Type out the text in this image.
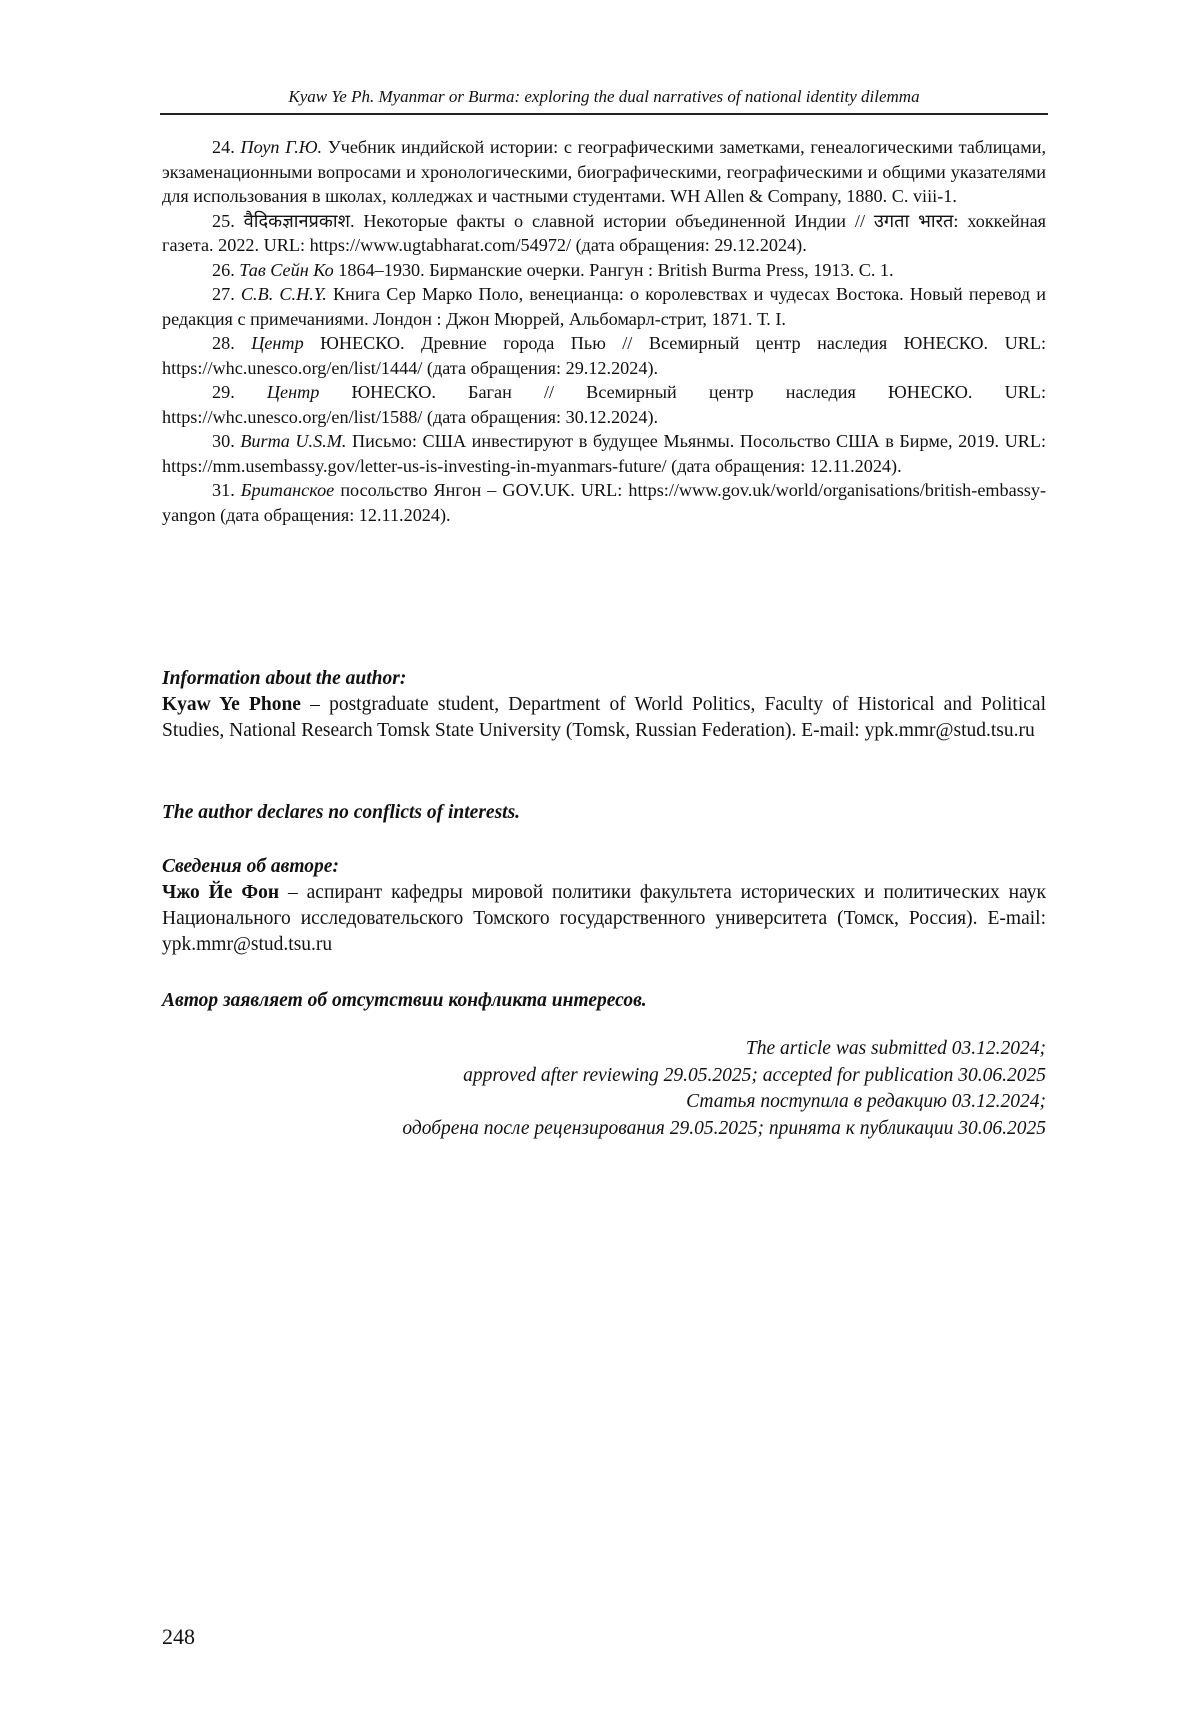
Kyaw Ye Ph. Myanmar or Burma: exploring the dual narratives of national identity dilemma

24. Поуп Г.Ю. Учебник индийской истории: с географическими заметками, генеалогическими таблицами, экзаменационными вопросами и хронологическими, биографическими, географическими и общими указателями для использования в школах, колледжах и частными студентами. WH Allen & Company, 1880. С. viii-1.

25. वैदिकज्ञानप्रकाश. Некоторые факты о славной истории объединенной Индии // उगता भारत: хоккейная газета. 2022. URL: https://www.ugtabharat.com/54972/ (дата обращения: 29.12.2024).

26. Тав Сейн Ко 1864–1930. Бирманские очерки. Рангун : British Burma Press, 1913. С. 1.

27. С.В. С.Н.Y. Книга Сер Марко Поло, венецианца: о королевствах и чудесах Востока. Новый перевод и редакция с примечаниями. Лондон : Джон Мюррей, Альбомарл-стрит, 1871. Т. I.

28. Центр ЮНЕСКО. Древние города Пью // Всемирный центр наследия ЮНЕСКО. URL: https://whc.unesco.org/en/list/1444/ (дата обращения: 29.12.2024).

29. Центр ЮНЕСКО. Баган // Всемирный центр наследия ЮНЕСКО. URL: https://whc.unesco.org/en/list/1588/ (дата обращения: 30.12.2024).

30. Burma U.S.M. Письмо: США инвестируют в будущее Мьянмы. Посольство США в Бирме, 2019. URL: https://mm.usembassy.gov/letter-us-is-investing-in-myanmars-future/ (дата обращения: 12.11.2024).

31. Британское посольство Янгон – GOV.UK. URL: https://www.gov.uk/world/organisations/british-embassy-yangon (дата обращения: 12.11.2024).

Information about the author:

Kyaw Ye Phone – postgraduate student, Department of World Politics, Faculty of Historical and Political Studies, National Research Tomsk State University (Tomsk, Russian Federation). E-mail: ypk.mmr@stud.tsu.ru

The author declares no conflicts of interests.

Сведения об авторе:

Чжо Йе Фон – аспирант кафедры мировой политики факультета исторических и политических наук Национального исследовательского Томского государственного университета (Томск, Россия). E-mail: ypk.mmr@stud.tsu.ru

Автор заявляет об отсутствии конфликта интересов.

The article was submitted 03.12.2024;
approved after reviewing 29.05.2025; accepted for publication 30.06.2025
Статья поступила в редакцию 03.12.2024;
одобрена после рецензирования 29.05.2025; принята к публикации 30.06.2025
248
